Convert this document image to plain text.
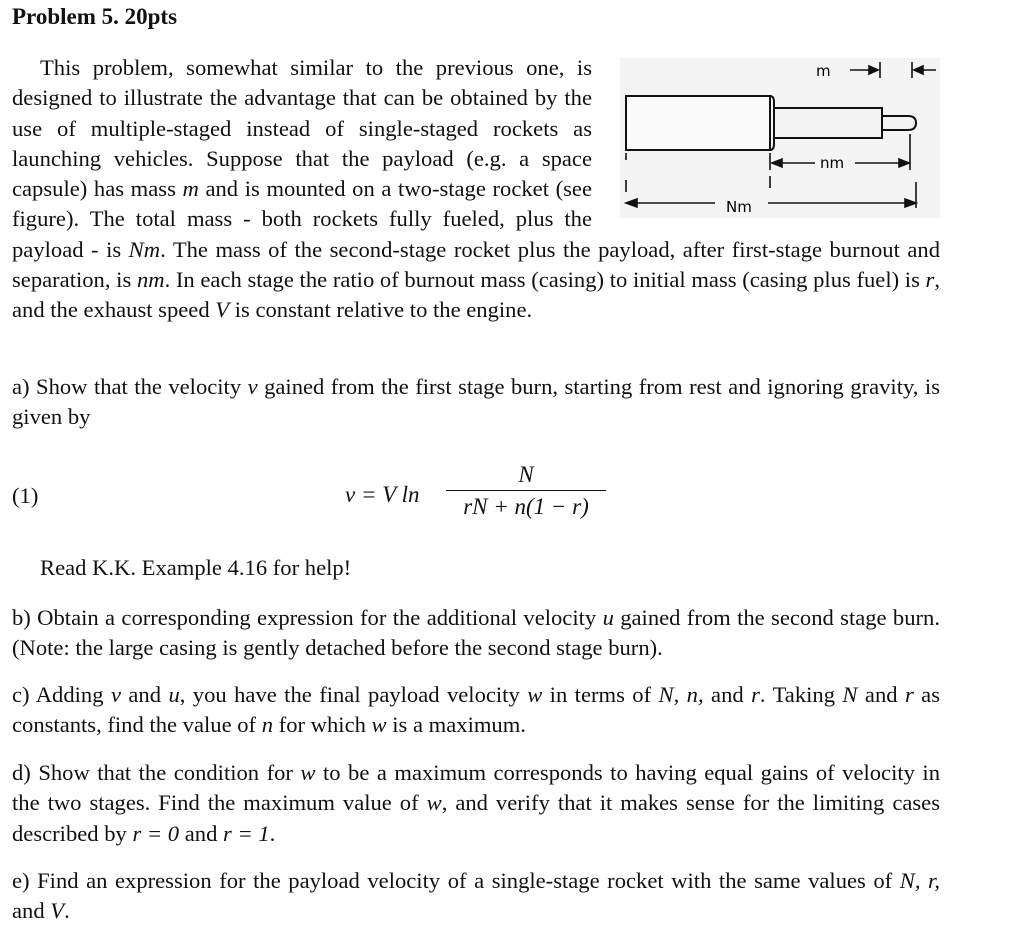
Problem 5. 20pts
m
nm
Nm

This problem, somewhat similar to the previous one, is designed to illustrate the advantage that can be obtained by the use of multiple-staged instead of single-staged rockets as launching vehicles. Suppose that the payload (e.g. a space capsule) has mass m and is mounted on a two-stage rocket (see figure). The total mass - both rockets fully fueled, plus the payload - is Nm. The mass of the second-stage rocket plus the payload, after first-stage burnout and separation, is nm. In each stage the ratio of burnout mass (casing) to initial mass (casing plus fuel) is r, and the exhaust speed V is constant relative to the engine.

a) Show that the velocity v gained from the first stage burn, starting from rest and ignoring gravity, is given by

(1)	v = V ln
N
rN + n(1 − r)
Read K.K. Example 4.16 for help!

b) Obtain a corresponding expression for the additional velocity u gained from the second stage burn. (Note: the large casing is gently detached before the second stage burn).

c) Adding v and u, you have the final payload velocity w in terms of N, n, and r. Taking N and r as constants, find the value of n for which w is a maximum.

d) Show that the condition for w to be a maximum corresponds to having equal gains of velocity in the two stages. Find the maximum value of w, and verify that it makes sense for the limiting cases described by r = 0 and r = 1.

e) Find an expression for the payload velocity of a single-stage rocket with the same values of N, r, and V.
